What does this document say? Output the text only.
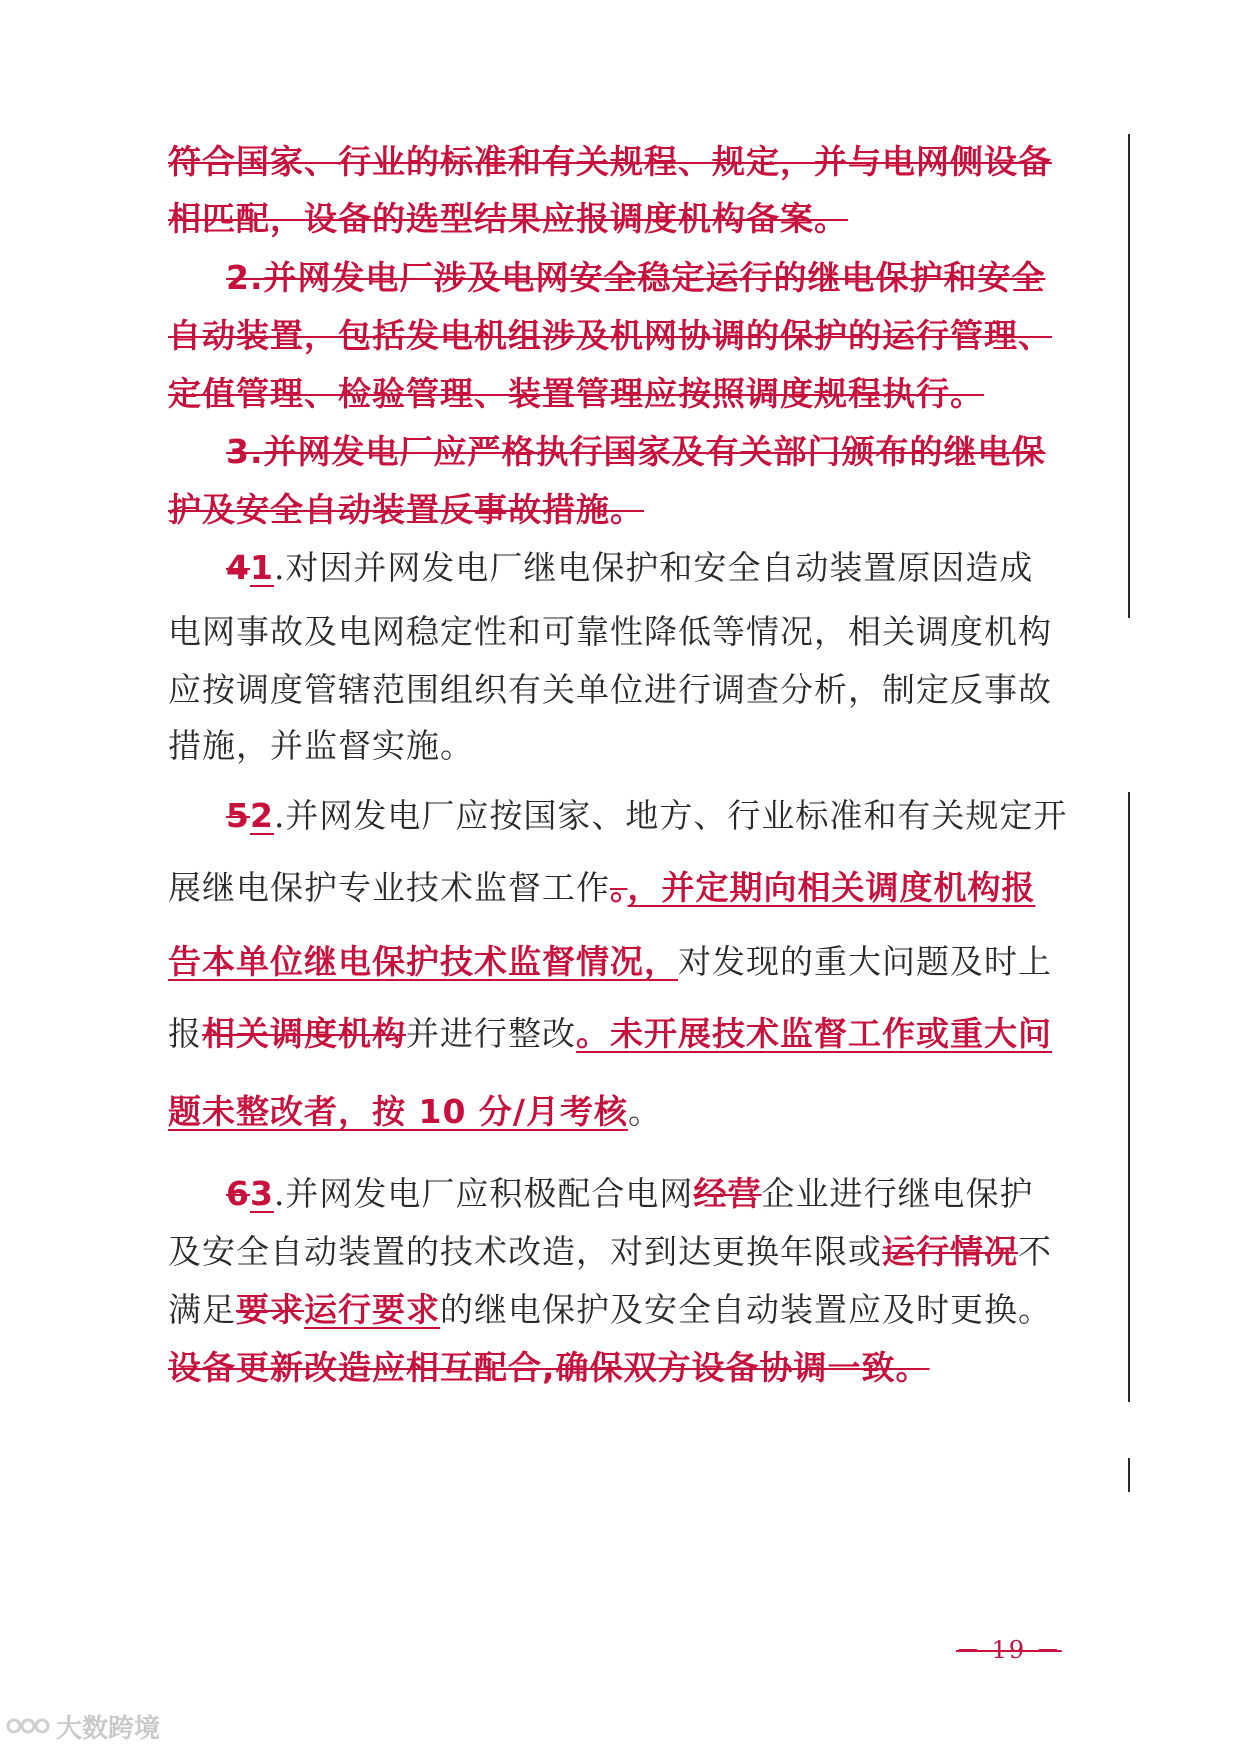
符合国家、行业的标准和有关规程、规定，并与电网侧设备
相匹配，设备的选型结果应报调度机构备案。
2.并网发电厂涉及电网安全稳定运行的继电保护和安全
自动装置，包括发电机组涉及机网协调的保护的运行管理、
定值管理、检验管理、装置管理应按照调度规程执行。
3.并网发电厂应严格执行国家及有关部门颁布的继电保
护及安全自动装置反事故措施。
41.对因并网发电厂继电保护和安全自动装置原因造成
电网事故及电网稳定性和可靠性降低等情况，相关调度机构
应按调度管辖范围组织有关单位进行调查分析，制定反事故
措施，并监督实施。
52.并网发电厂应按国家、地方、行业标准和有关规定开
展继电保护专业技术监督工作。，并定期向相关调度机构报
告本单位继电保护技术监督情况，对发现的重大问题及时上
报相关调度机构并进行整改。未开展技术监督工作或重大问
题未整改者，按 10 分/月考核。
63.并网发电厂应积极配合电网经营企业进行继电保护
及安全自动装置的技术改造，对到达更换年限或运行情况不
满足要求运行要求的继电保护及安全自动装置应及时更换。
设备更新改造应相互配合,确保双方设备协调一致。
－ 19 －
大数跨境
